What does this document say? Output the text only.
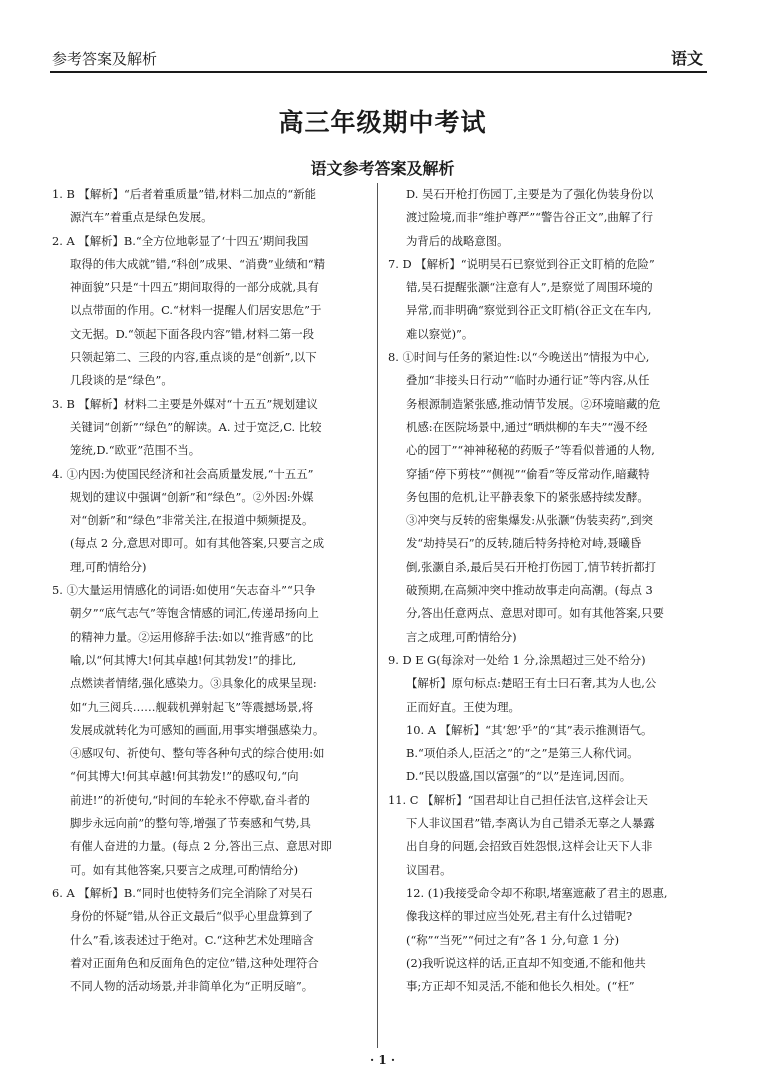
参考答案及解析	语文
高三年级期中考试
语文参考答案及解析
1. B 【解析】“后者着重质量”错,材料二加点的“新能
源汽车”着重点是绿色发展。
2. A 【解析】B.“全方位地彰显了‘十四五’期间我国
取得的伟大成就”错,“科创”成果、“消费”业绩和“精
神面貌”只是“十四五”期间取得的一部分成就,具有
以点带面的作用。C.“材料一提醒人们居安思危”于
文无据。D.“领起下面各段内容”错,材料二第一段
只领起第二、三段的内容,重点谈的是“创新”,以下
几段谈的是“绿色”。
3. B 【解析】材料二主要是外媒对“十五五”规划建议
关键词“创新”“绿色”的解读。A. 过于宽泛,C. 比较
笼统,D.“欧亚”范围不当。
4. ①内因:为使国民经济和社会高质量发展,“十五五”
规划的建议中强调“创新”和“绿色”。②外因:外媒
对“创新”和“绿色”非常关注,在报道中频频提及。
(每点 2 分,意思对即可。如有其他答案,只要言之成
理,可酌情给分)
5. ①大量运用情感化的词语:如使用“矢志奋斗”“只争
朝夕”“底气志气”等饱含情感的词汇,传递昂扬向上
的精神力量。②运用修辞手法:如以“推背感”的比
喻,以“何其博大!何其卓越!何其勃发!”的排比,
点燃读者情绪,强化感染力。③具象化的成果呈现:
如“九三阅兵……舰载机弹射起飞”等震撼场景,将
发展成就转化为可感知的画面,用事实增强感染力。
④感叹句、祈使句、整句等各种句式的综合使用:如
“何其博大!何其卓越!何其勃发!”的感叹句,“向
前进!”的祈使句,“时间的车轮永不停歇,奋斗者的
脚步永远向前”的整句等,增强了节奏感和气势,具
有催人奋进的力量。(每点 2 分,答出三点、意思对即
可。如有其他答案,只要言之成理,可酌情给分)
6. A 【解析】B.“同时也使特务们完全消除了对吴石
身份的怀疑”错,从谷正文最后“似乎心里盘算到了
什么”看,该表述过于绝对。C.“这种艺术处理暗含
着对正面角色和反面角色的定位”错,这种处理符合
不同人物的活动场景,并非简单化为“正明反暗”。
D. 吴石开枪打伤园丁,主要是为了强化伪装身份以
渡过险境,而非“维护尊严”“警告谷正文”,曲解了行
为背后的战略意图。
7. D 【解析】“说明吴石已察觉到谷正文盯梢的危险”
错,吴石提醒张灏“注意有人”,是察觉了周围环境的
异常,而非明确“察觉到谷正文盯梢(谷正文在车内,
难以察觉)”。
8. ①时间与任务的紧迫性:以“今晚送出”情报为中心,
叠加“非接头日行动”“临时办通行证”等内容,从任
务根源制造紧张感,推动情节发展。②环境暗藏的危
机感:在医院场景中,通过“晒烘柳的车夫”“漫不经
心的园丁”“神神秘秘的药贩子”等看似普通的人物,
穿插“停下剪枝”“侧视”“偷看”等反常动作,暗藏特
务包围的危机,让平静表象下的紧张感持续发酵。
③冲突与反转的密集爆发:从张灏“伪装卖药”,到突
发“劫持吴石”的反转,随后特务持枪对峙,聂曦昏
倒,张灏自杀,最后吴石开枪打伤园丁,情节转折都打
破预期,在高频冲突中推动故事走向高潮。(每点 3
分,答出任意两点、意思对即可。如有其他答案,只要
言之成理,可酌情给分)
9. D E G(每涂对一处给 1 分,涂黑超过三处不给分)
【解析】原句标点:楚昭王有士曰石奢,其为人也,公
正而好直。王使为理。
10. A 【解析】“其‘恕’乎”的“其”表示推测语气。
B.“项伯杀人,臣活之”的“之”是第三人称代词。
D.“民以殷盛,国以富强”的“以”是连词,因而。
11. C 【解析】“国君却让自己担任法官,这样会让天
下人非议国君”错,李离认为自己错杀无辜之人暴露
出自身的问题,会招致百姓怨恨,这样会让天下人非
议国君。
12. (1)我接受命令却不称职,堵塞遮蔽了君主的恩惠,
像我这样的罪过应当处死,君主有什么过错呢?
(“称”“当死”“何过之有”各 1 分,句意 1 分)
(2)我听说这样的话,正直却不知变通,不能和他共
事;方正却不知灵活,不能和他长久相处。(“枉”
· 1 ·
